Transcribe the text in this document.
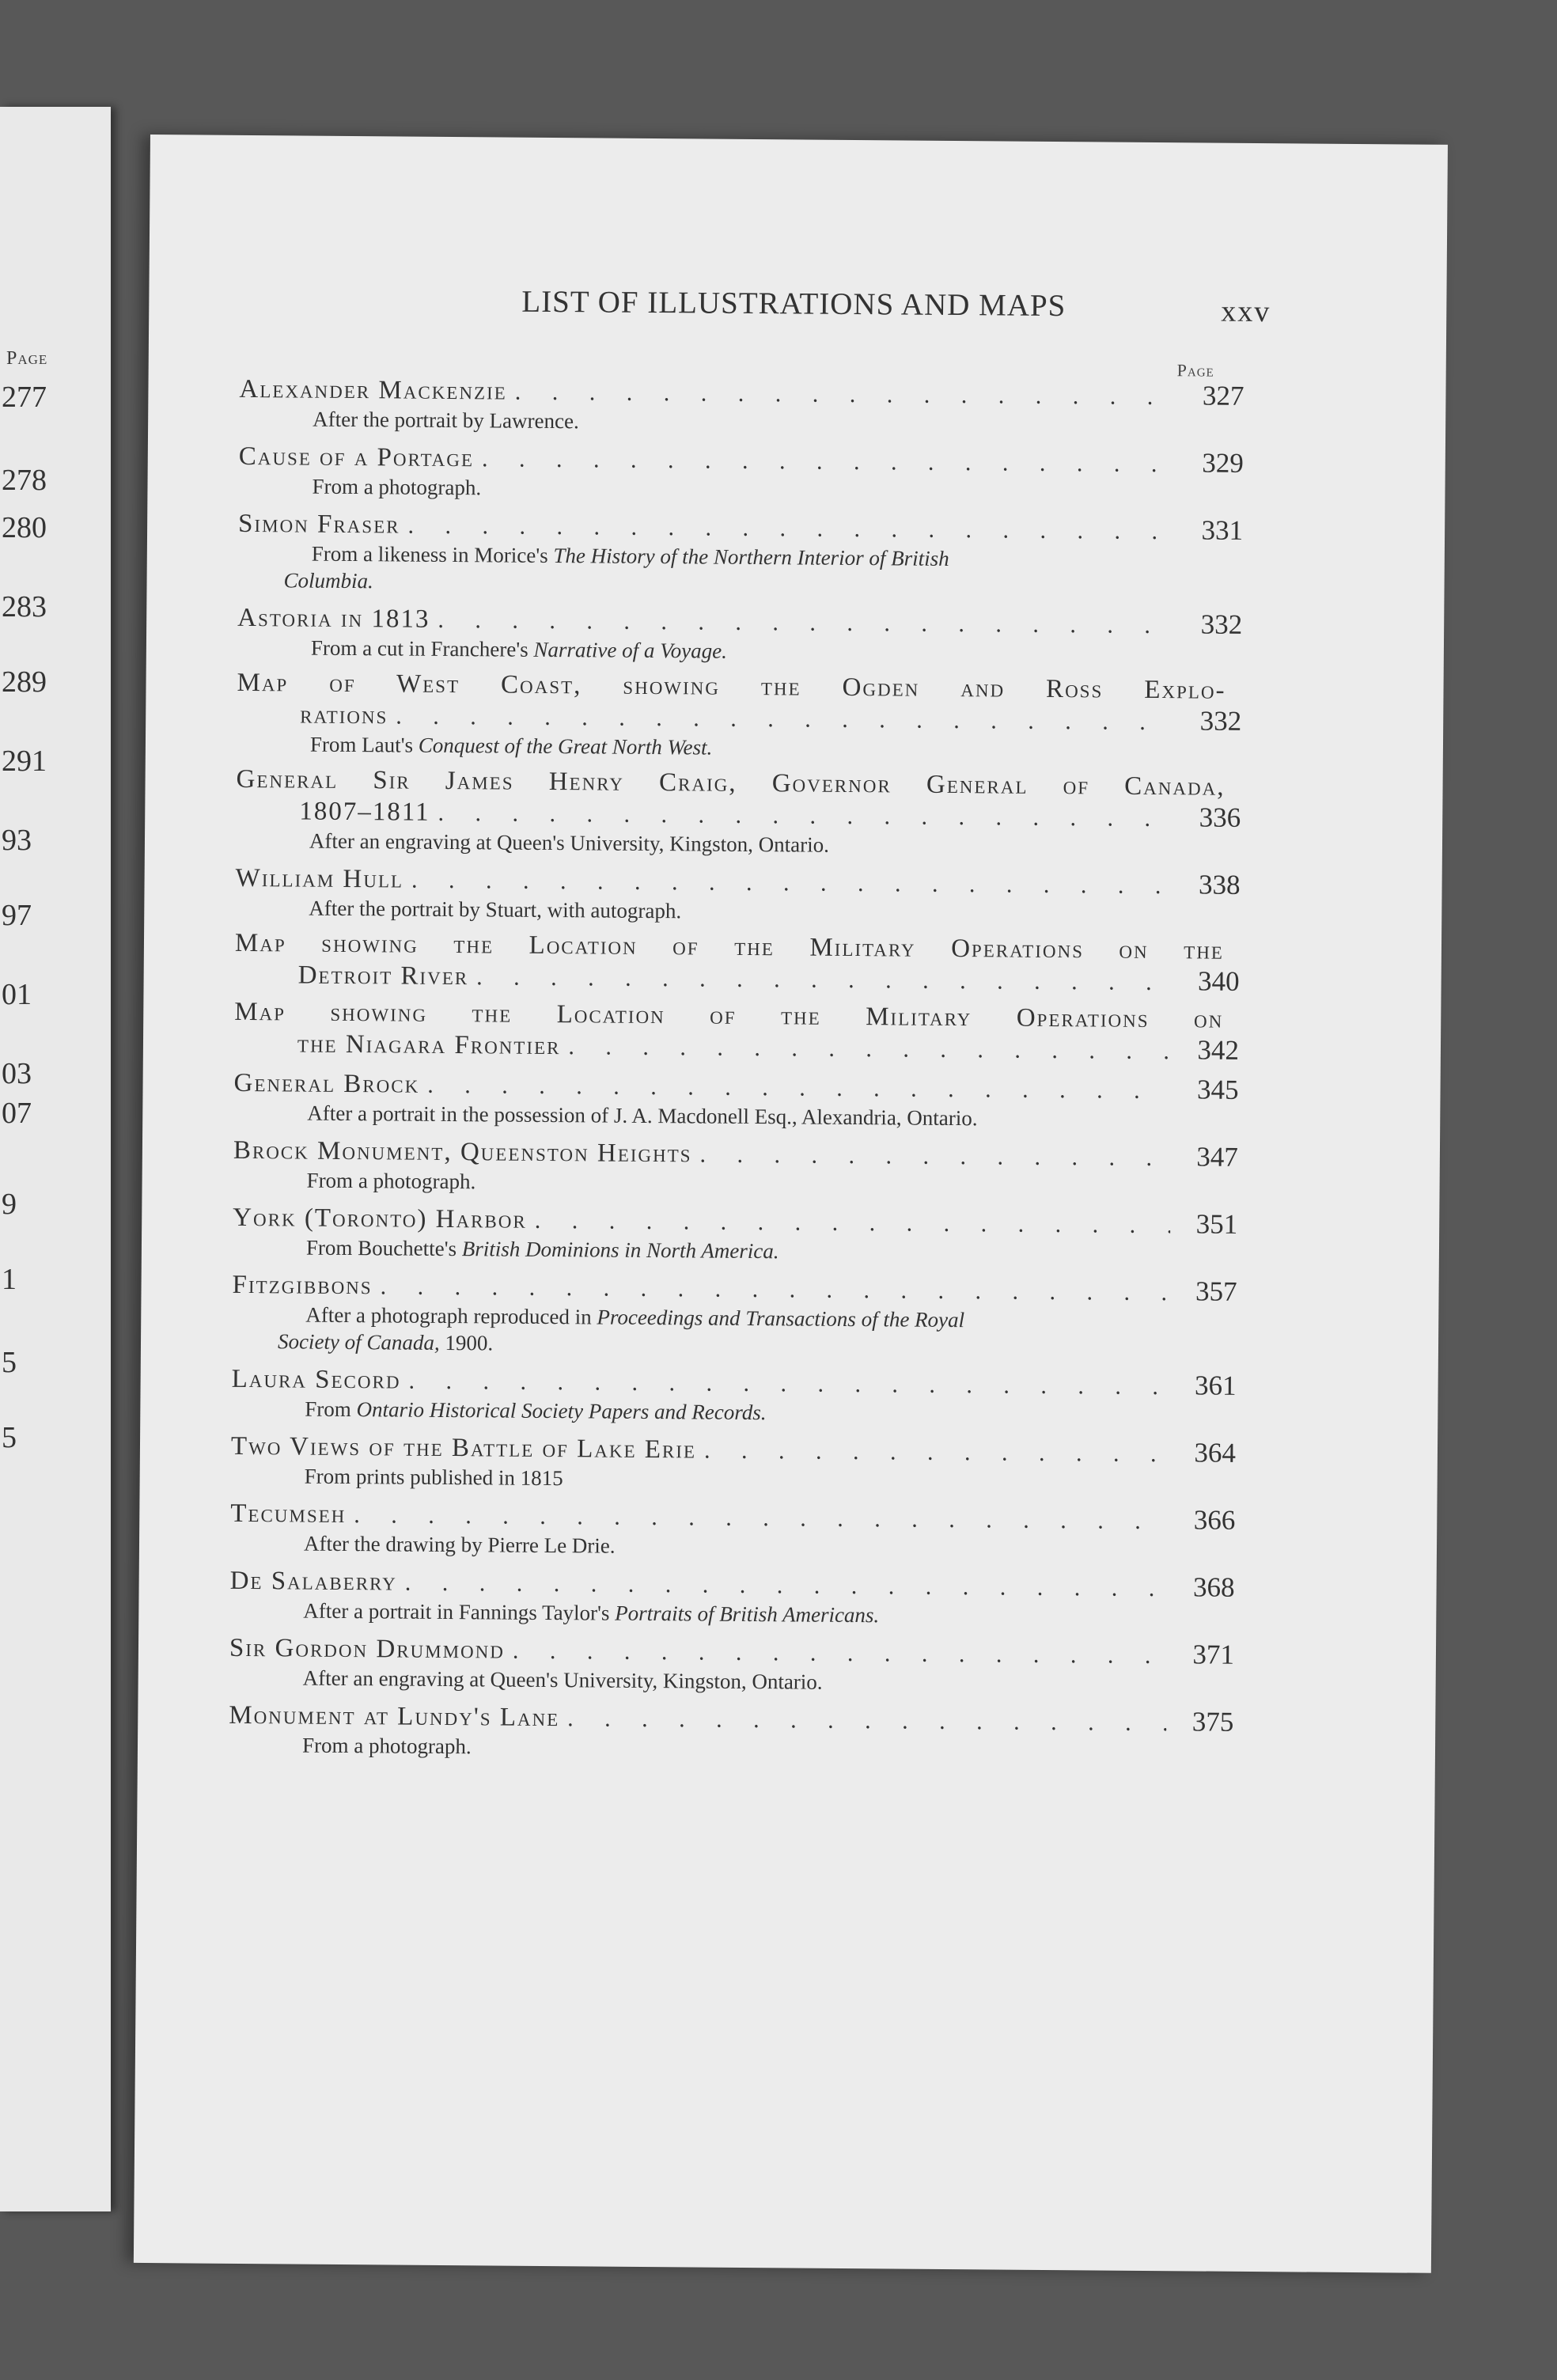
Page
277
278
280
283
289
291
93
97
01
03
07
9
1
5
5
LIST OF ILLUSTRATIONS AND MAPS	xxv
Page
Alexander Mackenzie . . .	327
After the portrait by Lawrence.
Cause of a Portage . . .	329
From a photograph.
Simon Fraser . . .	331
From a likeness in Morice's The History of the Northern Interior of British
Columbia.
Astoria in 1813 . . .	332
From a cut in Franchere's Narrative of a Voyage.
Map of West Coast, showing the Ogden and Ross Explo-
rations . . .	332
From Laut's Conquest of the Great North West.
General Sir James Henry Craig, Governor General of Canada,
1807–1811 . . .	336
After an engraving at Queen's University, Kingston, Ontario.
William Hull . . .	338
After the portrait by Stuart, with autograph.
Map showing the Location of the Military Operations on the
Detroit River . . .	340
Map showing the Location of the Military Operations on
the Niagara Frontier . . .	342
General Brock . . .	345
After a portrait in the possession of J. A. Macdonell Esq., Alexandria, Ontario.
Brock Monument, Queenston Heights . . .	347
From a photograph.
York (Toronto) Harbor . . .	351
From Bouchette's British Dominions in North America.
Fitzgibbons . . .	357
After a photograph reproduced in Proceedings and Transactions of the Royal
Society of Canada, 1900.
Laura Secord . . .	361
From Ontario Historical Society Papers and Records.
Two Views of the Battle of Lake Erie . . .	364
From prints published in 1815
Tecumseh . . .	366
After the drawing by Pierre Le Drie.
De Salaberry . . .	368
After a portrait in Fannings Taylor's Portraits of British Americans.
Sir Gordon Drummond . . .	371
After an engraving at Queen's University, Kingston, Ontario.
Monument at Lundy's Lane . . .	375
From a photograph.
